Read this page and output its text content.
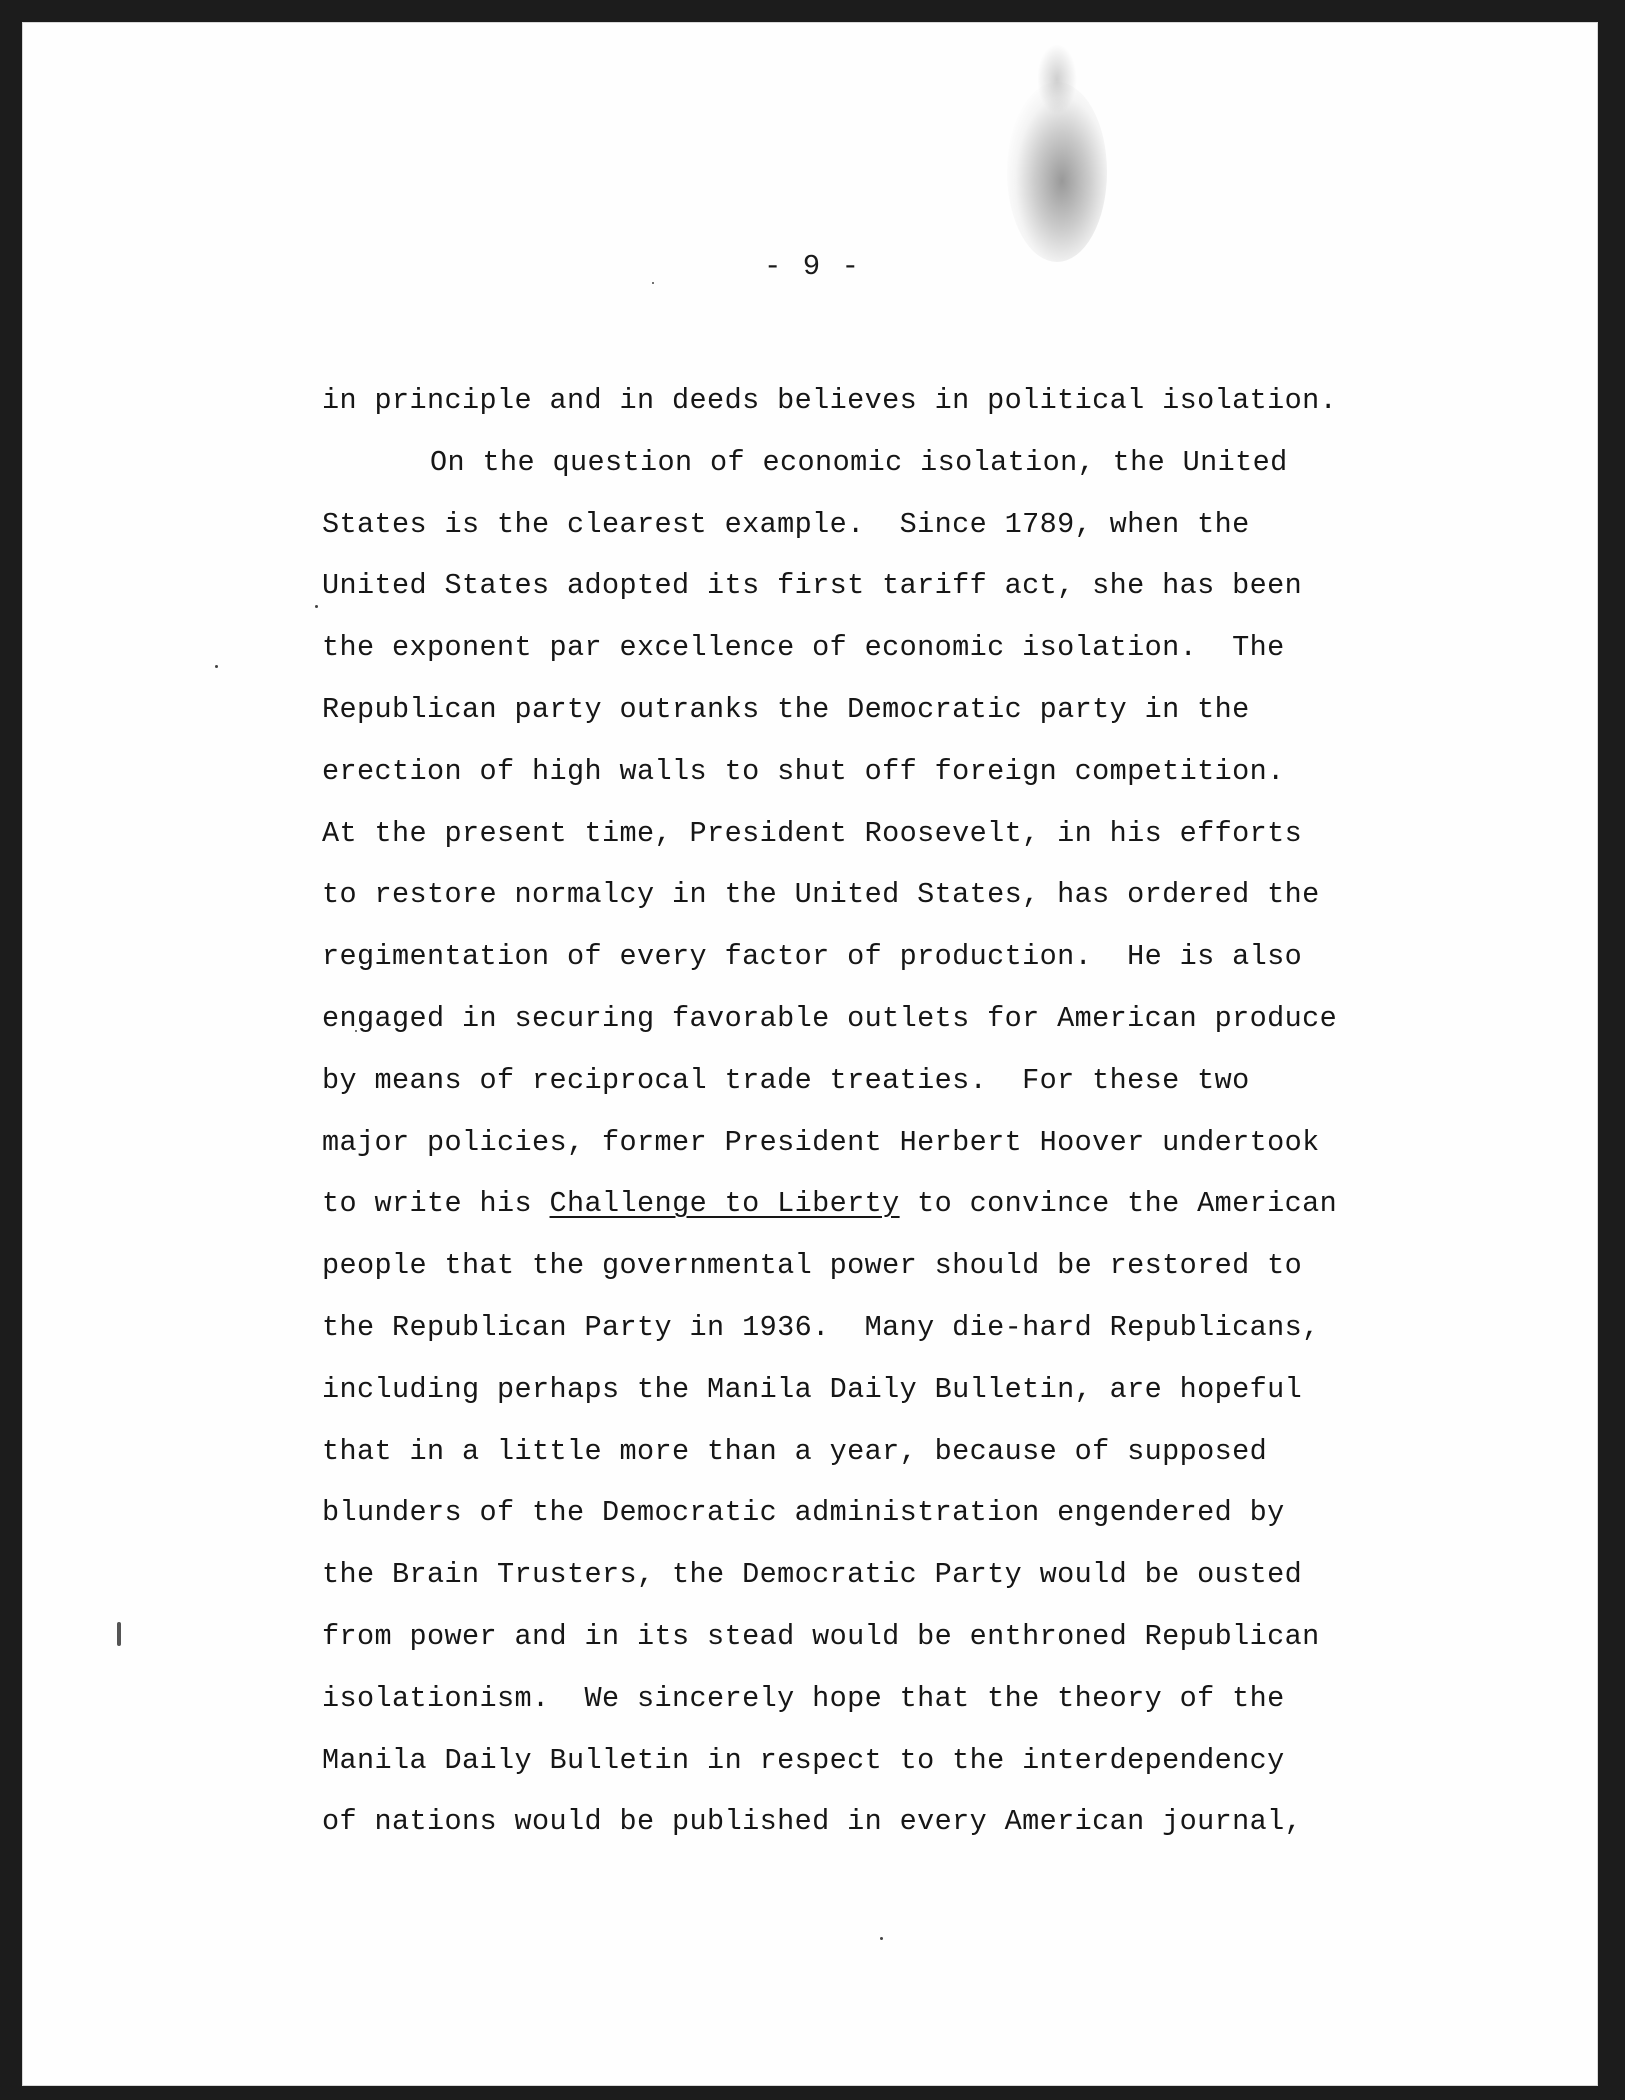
- 9 -
in principle and in deeds believes in political isolation.
On the question of economic isolation, the United
States is the clearest example.  Since 1789, when the
United States adopted its first tariff act, she has been
the exponent par excellence of economic isolation.  The
Republican party outranks the Democratic party in the
erection of high walls to shut off foreign competition.
At the present time, President Roosevelt, in his efforts
to restore normalcy in the United States, has ordered the
regimentation of every factor of production.  He is also
engaged in securing favorable outlets for American produce
by means of reciprocal trade treaties.  For these two
major policies, former President Herbert Hoover undertook
to write his Challenge to Liberty to convince the American
people that the governmental power should be restored to
the Republican Party in 1936.  Many die-hard Republicans,
including perhaps the Manila Daily Bulletin, are hopeful
that in a little more than a year, because of supposed
blunders of the Democratic administration engendered by
the Brain Trusters, the Democratic Party would be ousted
from power and in its stead would be enthroned Republican
isolationism.  We sincerely hope that the theory of the
Manila Daily Bulletin in respect to the interdependency
of nations would be published in every American journal,
